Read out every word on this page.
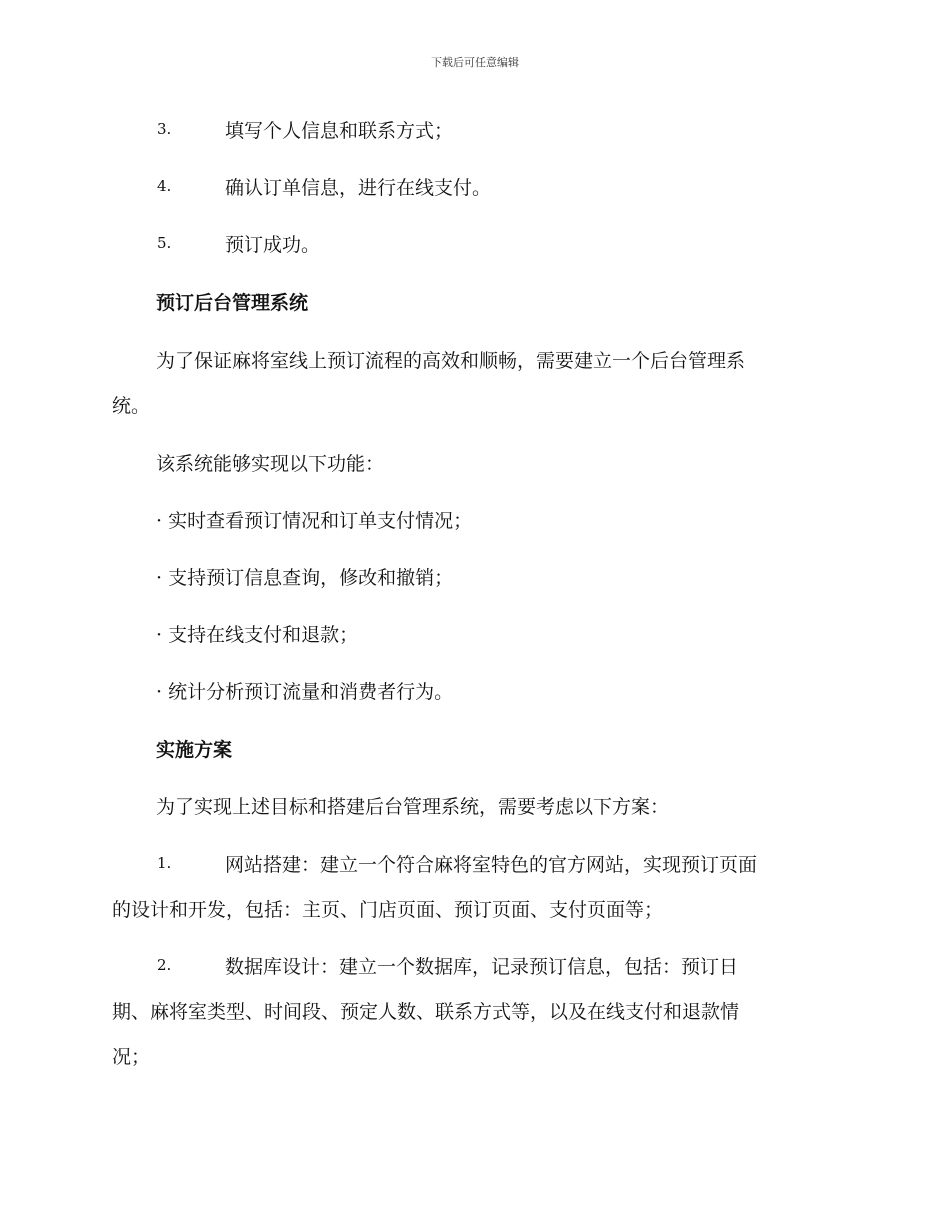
下载后可任意编辑
3.	填写个人信息和联系方式；
4.	确认订单信息，进行在线支付。
5.	预订成功。
预订后台管理系统
为了保证麻将室线上预订流程的高效和顺畅，需要建立一个后台管理系
统。
该系统能够实现以下功能：
· 实时查看预订情况和订单支付情况；
· 支持预订信息查询，修改和撤销；
· 支持在线支付和退款；
· 统计分析预订流量和消费者行为。
实施方案
为了实现上述目标和搭建后台管理系统，需要考虑以下方案：
1.	网站搭建：建立一个符合麻将室特色的官方网站，实现预订页面
的设计和开发，包括：主页、门店页面、预订页面、支付页面等；
2.	数据库设计：建立一个数据库，记录预订信息，包括：预订日
期、麻将室类型、时间段、预定人数、联系方式等，以及在线支付和退款情
况；
